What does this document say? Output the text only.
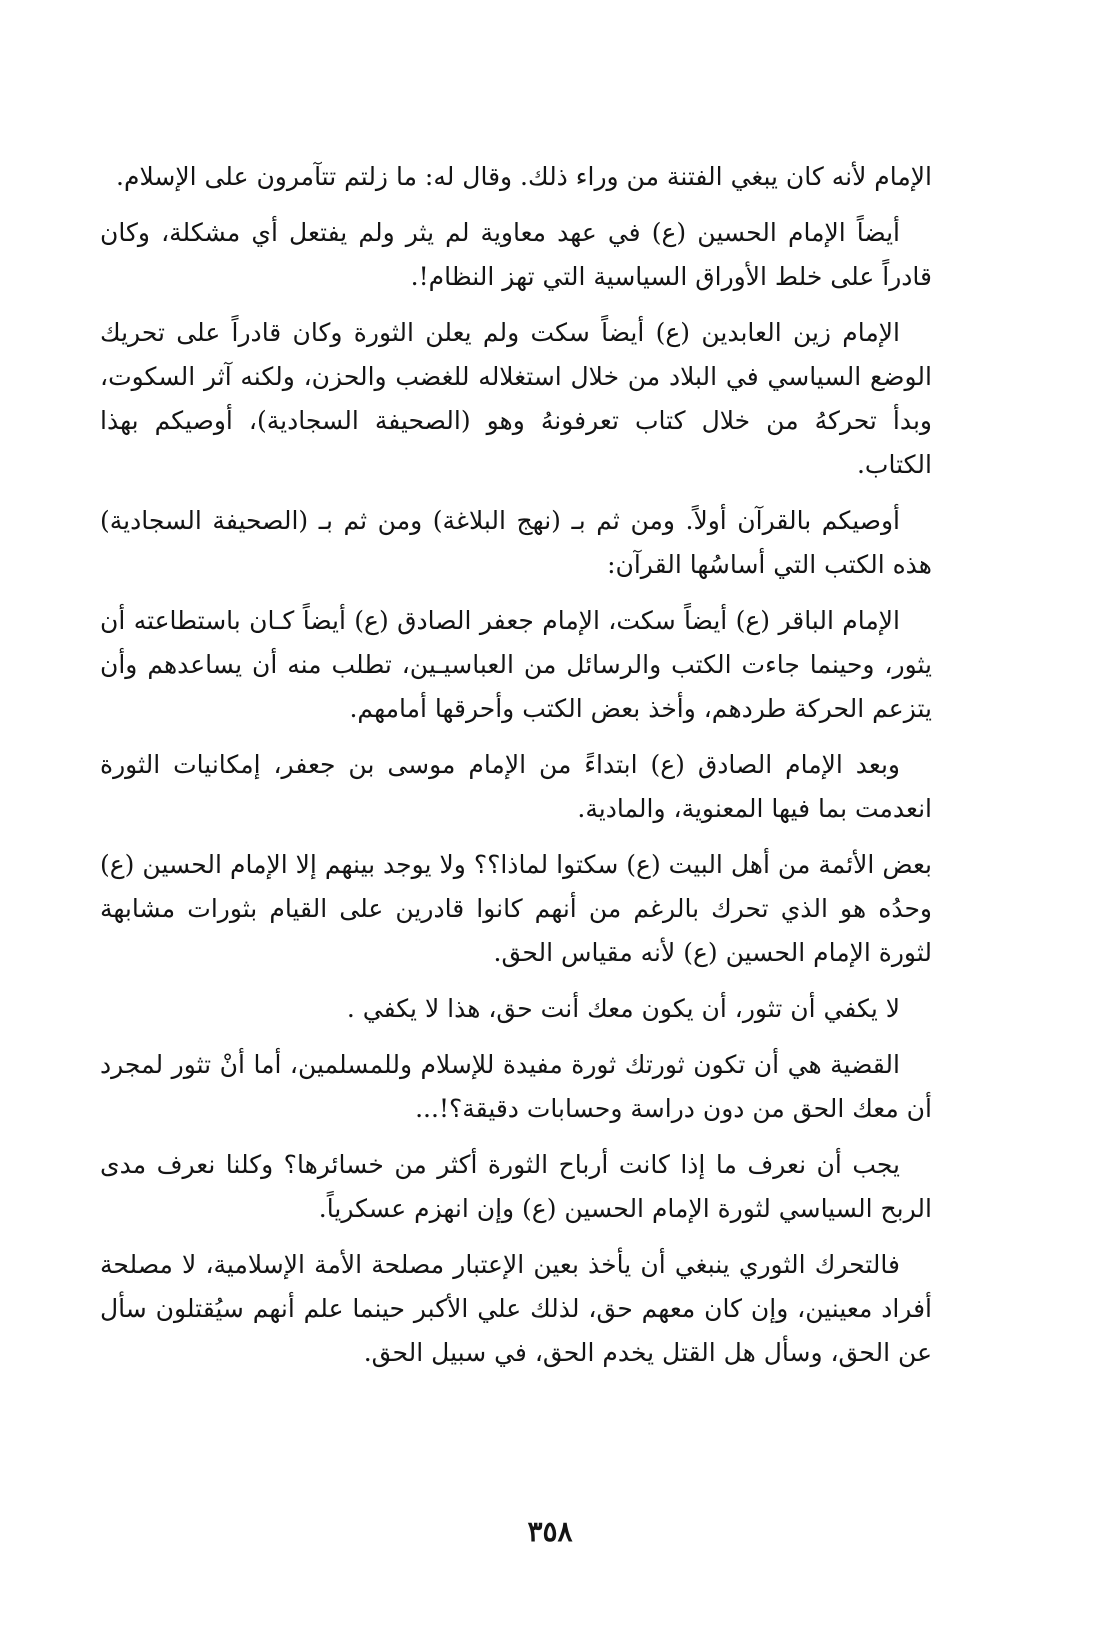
الإمام لأنه كان يبغي الفتنة من وراء ذلك. وقال له: ما زلتم تتآمرون على الإسلام.

أيضاً الإمام الحسين (ع) في عهد معاوية لم يثر ولم يفتعل أي مشكلة، وكان قادراً على خلط الأوراق السياسية التي تهز النظام!.

الإمام زين العابدين (ع) أيضاً سكت ولم يعلن الثورة وكان قادراً على تحريك الوضع السياسي في البلاد من خلال استغلاله للغضب والحزن، ولكنه آثر السكوت، وبدأ تحركهُ من خلال كتاب تعرفونهُ وهو (الصحيفة السجادية)، أوصيكم بهذا الكتاب.

أوصيكم بالقرآن أولاً. ومن ثم بـ (نهج البلاغة) ومن ثم بـ (الصحيفة السجادية) هذه الكتب التي أساسُها القرآن:

الإمام الباقر (ع) أيضاً سكت، الإمام جعفر الصادق (ع) أيضاً كـان باستطاعته أن يثور، وحينما جاءت الكتب والرسائل من العباسيـين، تطلب منه أن يساعدهم وأن يتزعم الحركة طردهم، وأخذ بعض الكتب وأحرقها أمامهم.

وبعد الإمام الصادق (ع) ابتداءً من الإمام موسى بن جعفر، إمكانيات الثورة انعدمت بما فيها المعنوية، والمادية.

بعض الأئمة من أهل البيت (ع) سكتوا لماذا؟؟ ولا يوجد بينهم إلا الإمام الحسين (ع) وحدُه هو الذي تحرك بالرغم من أنهم كانوا قادرين على القيام بثورات مشابهة لثورة الإمام الحسين (ع) لأنه مقياس الحق.

لا يكفي أن تثور، أن يكون معك أنت حق، هذا لا يكفي .

القضية هي أن تكون ثورتك ثورة مفيدة للإسلام وللمسلمين، أما أنْ تثور لمجرد أن معك الحق من دون دراسة وحسابات دقيقة؟!...

يجب أن نعرف ما إذا كانت أرباح الثورة أكثر من خسائرها؟ وكلنا نعرف مدى الربح السياسي لثورة الإمام الحسين (ع) وإن انهزم عسكرياً.

فالتحرك الثوري ينبغي أن يأخذ بعين الإعتبار مصلحة الأمة الإسلامية، لا مصلحة أفراد معينين، وإن كان معهم حق، لذلك علي الأكبر حينما علم أنهم سيُقتلون سأل عن الحق، وسأل هل القتل يخدم الحق، في سبيل الحق.

٣٥٨
